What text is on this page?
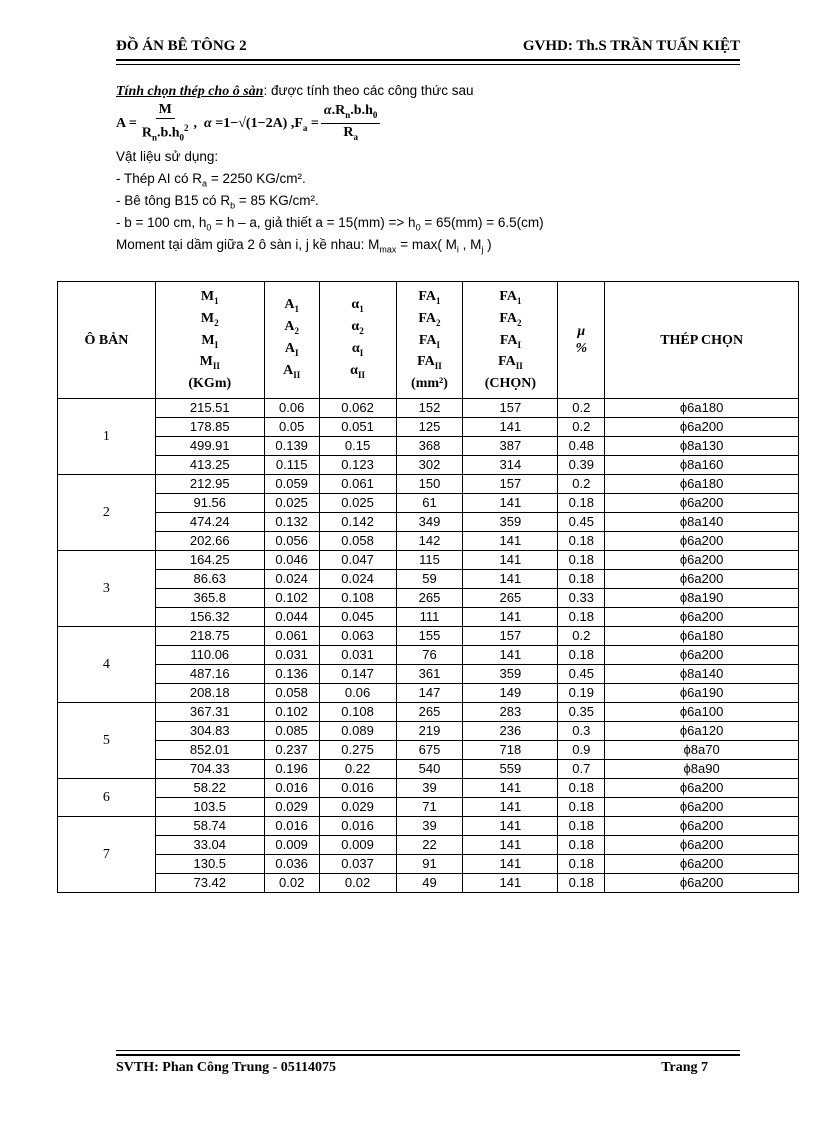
ĐỒ ÁN BÊ TÔNG 2	GVHD: Th.S TRẦN TUẤN KIỆT
Tính chọn thép cho ô sàn: được tính theo các công thức sau
$A = \frac{M}{R_n.b.h_0^2}$ ,  α =1−√(1−2A) $,F_a = \frac{\alpha.R_n.b.h_0}{R_a}$
Vật liệu sử dụng:
- Thép AI có $R_a = 2250$ KG/cm².
- Bê tông B15 có $R_b = 85$ KG/cm².
- b = 100 cm, $h_0 = h - a$, giả thiết $a = 15(mm) => h_0 = 65(mm) = 6.5(cm)$
Moment tại dầm giữa 2 ô sàn i, j kề nhau: $M_{max} = \max$( $M_i$ , $M_j$ )
Ô BẢN	$M_1$
$M_2$
$M_I$
$M_{II}$
(KGm)	$A_1$
$A_2$
$A_I$
$A_{II}$	$\alpha_1$
$\alpha_2$
$\alpha_I$
$\alpha_{II}$	$FA_1$
$FA_2$
$FA_I$
$FA_{II}$
(mm²)	$FA_1$
$FA_2$
$FA_I$
$FA_{II}$
(CHỌN)	μ
%	THÉP CHỌN
1	215.51	0.06	0.062	152	157	0.2	ϕ6a180
	178.85	0.05	0.051	125	141	0.2	ϕ6a200
	499.91	0.139	0.15	368	387	0.48	ϕ8a130
	413.25	0.115	0.123	302	314	0.39	ϕ8a160
2	212.95	0.059	0.061	150	157	0.2	ϕ6a180
	91.56	0.025	0.025	61	141	0.18	ϕ6a200
	474.24	0.132	0.142	349	359	0.45	ϕ8a140
	202.66	0.056	0.058	142	141	0.18	ϕ6a200
3	164.25	0.046	0.047	115	141	0.18	ϕ6a200
	86.63	0.024	0.024	59	141	0.18	ϕ6a200
	365.8	0.102	0.108	265	265	0.33	ϕ8a190
	156.32	0.044	0.045	111	141	0.18	ϕ6a200
4	218.75	0.061	0.063	155	157	0.2	ϕ6a180
	110.06	0.031	0.031	76	141	0.18	ϕ6a200
	487.16	0.136	0.147	361	359	0.45	ϕ8a140
	208.18	0.058	0.06	147	149	0.19	ϕ6a190
5	367.31	0.102	0.108	265	283	0.35	ϕ6a100
	304.83	0.085	0.089	219	236	0.3	ϕ6a120
	852.01	0.237	0.275	675	718	0.9	ϕ8a70
	704.33	0.196	0.22	540	559	0.7	ϕ8a90
6	58.22	0.016	0.016	39	141	0.18	ϕ6a200
	103.5	0.029	0.029	71	141	0.18	ϕ6a200
7	58.74	0.016	0.016	39	141	0.18	ϕ6a200
	33.04	0.009	0.009	22	141	0.18	ϕ6a200
	130.5	0.036	0.037	91	141	0.18	ϕ6a200
	73.42	0.02	0.02	49	141	0.18	ϕ6a200
SVTH: Phan Công Trung - 05114075	Trang 7
